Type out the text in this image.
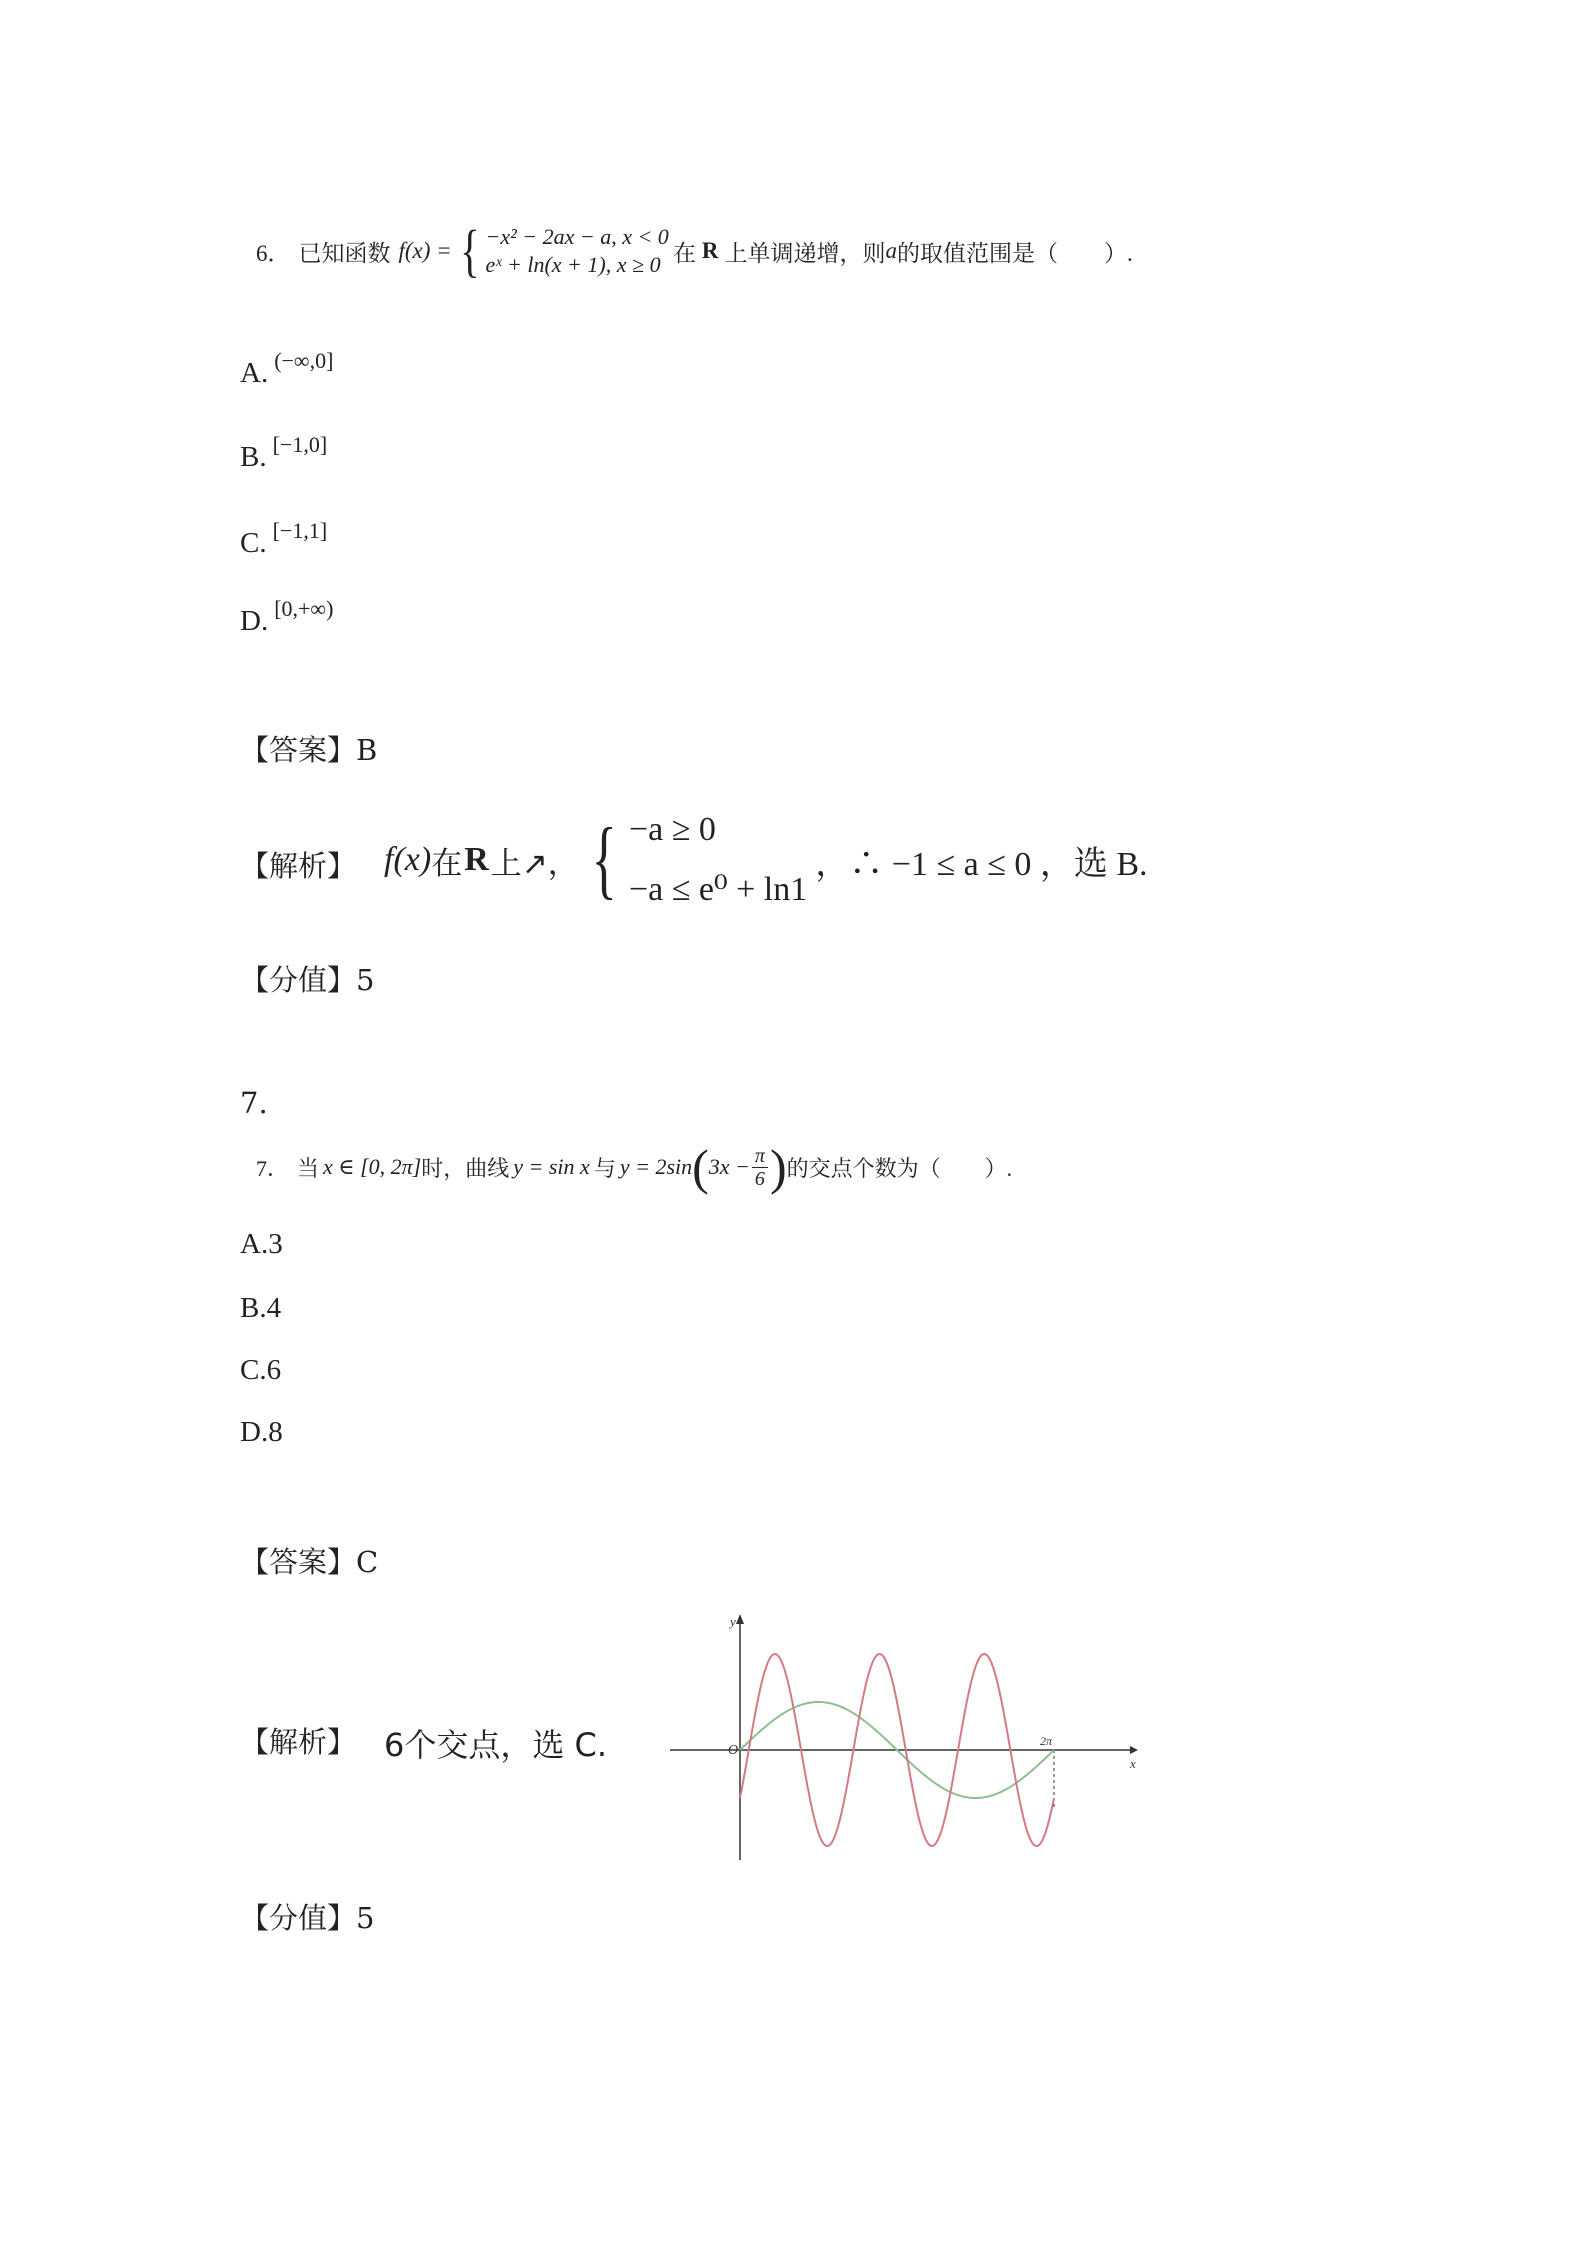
6． 已知函数 f(x) = { −x² − 2ax − a, x < 0
eˣ + ln(x + 1), x ≥ 0 在 R 上单调递增，则 a 的取值范围是（　　）.
A. $^{(-\infty,0]}$
B. [−1,0]
C. [−1,1]
D. $^{[0,+\infty)}$
【答案】B
【解析】 f(x) 在 R 上↗， { −a ≥ 0
−a ≤ e⁰ + ln1
，∴ −1 ≤ a ≤ 0 ，选 B.
【分值】5
7.
7． 当 x ∈ [0, 2π] 时，曲线 y = sin x 与 y = 2sin ( $3x - \frac{\pi}{6}$ ) 的交点个数为（　　）.
A.3
B.4
C.6
D.8
【答案】C
【解析】 6个交点，选 C.
y
x
O
2π
【分值】5
